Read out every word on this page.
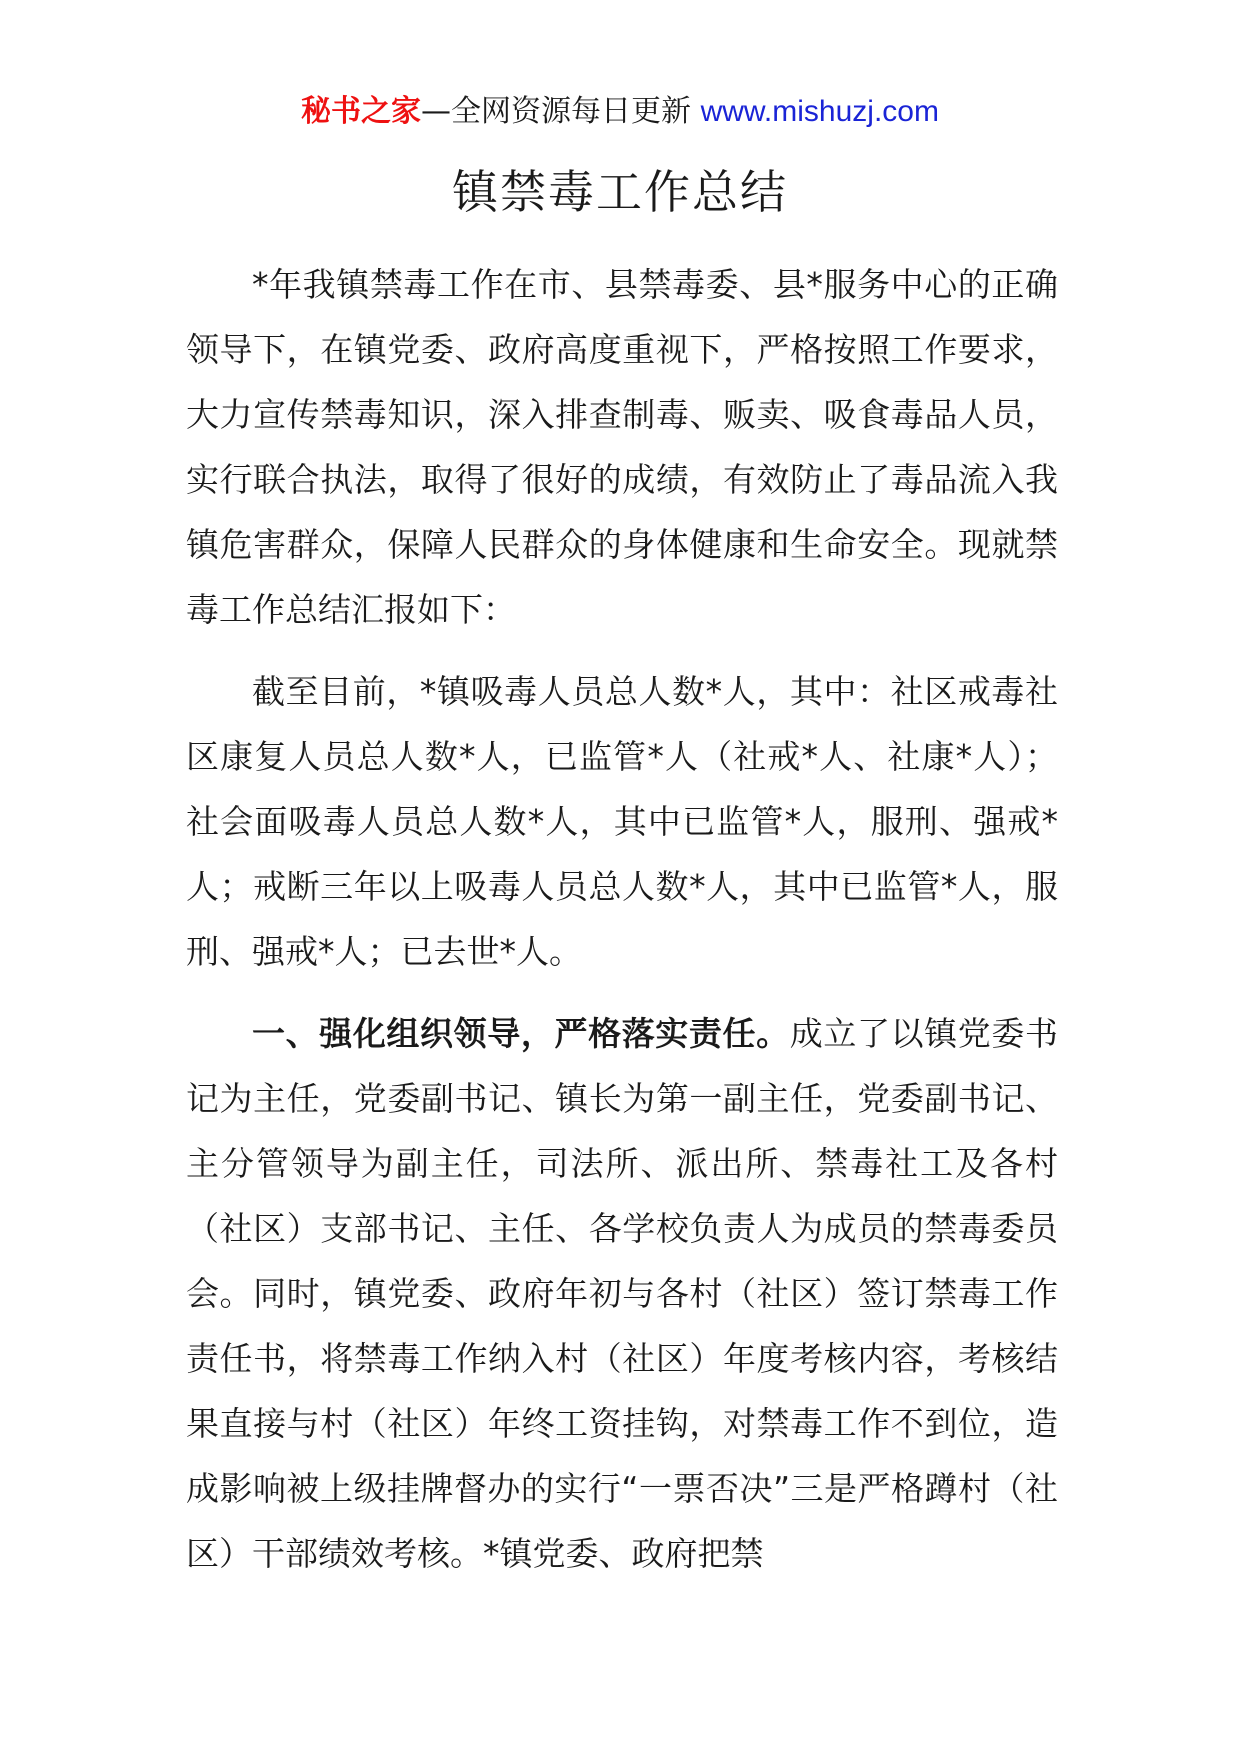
秘书之家—全网资源每日更新 www.mishuzj.com
镇禁毒工作总结

*年我镇禁毒工作在市、县禁毒委、县*服务中心的正确领导下，在镇党委、政府高度重视下，严格按照工作要求，大力宣传禁毒知识，深入排查制毒、贩卖、吸食毒品人员，实行联合执法，取得了很好的成绩，有效防止了毒品流入我镇危害群众，保障人民群众的身体健康和生命安全。现就禁毒工作总结汇报如下：

截至目前，*镇吸毒人员总人数*人，其中：社区戒毒社区康复人员总人数*人，已监管*人（社戒*人、社康*人）；社会面吸毒人员总人数*人，其中已监管*人，服刑、强戒*人；戒断三年以上吸毒人员总人数*人，其中已监管*人，服刑、强戒*人；已去世*人。

一、强化组织领导，严格落实责任。成立了以镇党委书记为主任，党委副书记、镇长为第一副主任，党委副书记、主分管领导为副主任，司法所、派出所、禁毒社工及各村（社区）支部书记、主任、各学校负责人为成员的禁毒委员会。同时，镇党委、政府年初与各村（社区）签订禁毒工作责任书，将禁毒工作纳入村（社区）年度考核内容，考核结果直接与村（社区）年终工资挂钩，对禁毒工作不到位，造成影响被上级挂牌督办的实行“一票否决”三是严格蹲村（社区）干部绩效考核。*镇党委、政府把禁
